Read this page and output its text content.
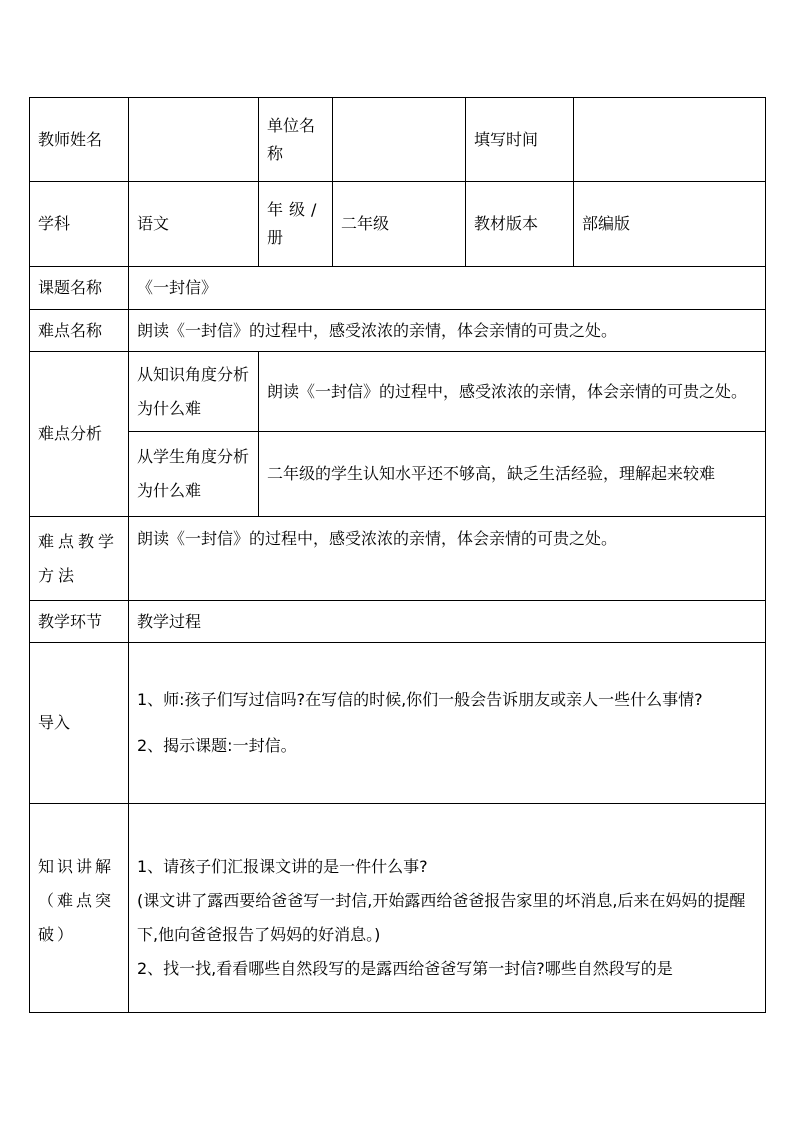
教师姓名		单位名称		填写时间	
学科	语文	年级/册	二年级	教材版本	部编版
课题名称	《一封信》				
难点名称	朗读《一封信》的过程中，感受浓浓的亲情，体会亲情的可贵之处。				
难点分析	从知识角度分析为什么难	朗读《一封信》的过程中，感受浓浓的亲情，体会亲情的可贵之处。			
	从学生角度分析为什么难	二年级的学生认知水平还不够高，缺乏生活经验，理解起来较难			
难点教学方法	朗读《一封信》的过程中，感受浓浓的亲情，体会亲情的可贵之处。				
教学环节	教学过程				
导入	1、师:孩子们写过信吗?在写信的时候,你们一般会告诉朋友或亲人一些什么事情?
2、揭示课题:一封信。				

知识讲解（难点突破）	1、请孩子们汇报课文讲的是一件什么事?
(课文讲了露西要给爸爸写一封信,开始露西给爸爸报告家里的坏消息,后来在妈妈的提醒下,他向爸爸报告了妈妈的好消息。)
2、找一找,看看哪些自然段写的是露西给爸爸写第一封信?哪些自然段写的是				
